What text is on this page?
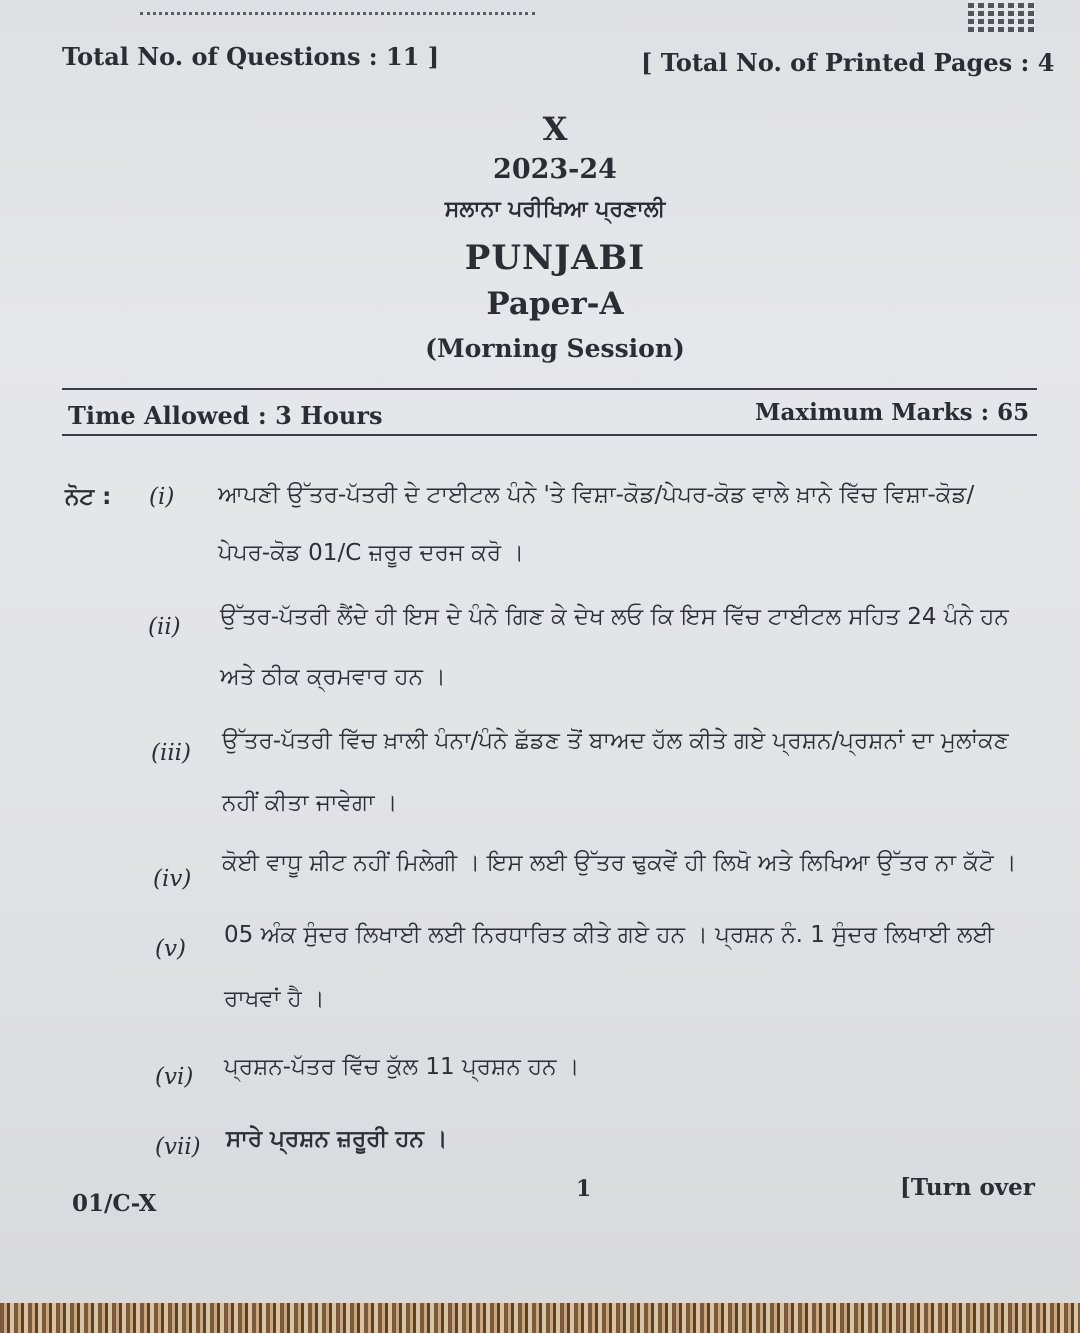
Total No. of Questions : 11 ]	[ Total No. of Printed Pages : 4
X
2023-24
ਸਲਾਨਾ ਪਰੀਖਿਆ ਪ੍ਰਣਾਲੀ
PUNJABI
Paper-A
(Morning Session)
Time Allowed : 3 Hours	Maximum Marks : 65
ਨੋਟ : (i) ਆਪਣੀ ਉੱਤਰ-ਪੱਤਰੀ ਦੇ ਟਾਈਟਲ ਪੰਨੇ 'ਤੇ ਵਿਸ਼ਾ-ਕੋਡ/ਪੇਪਰ-ਕੋਡ ਵਾਲੇ ਖ਼ਾਨੇ ਵਿੱਚ ਵਿਸ਼ਾ-ਕੋਡ/
ਪੇਪਰ-ਕੋਡ 01/C ਜ਼ਰੂਰ ਦਰਜ ਕਰੋ ।
(ii) ਉੱਤਰ-ਪੱਤਰੀ ਲੈਂਦੇ ਹੀ ਇਸ ਦੇ ਪੰਨੇ ਗਿਣ ਕੇ ਦੇਖ ਲਓ ਕਿ ਇਸ ਵਿੱਚ ਟਾਈਟਲ ਸਹਿਤ 24 ਪੰਨੇ ਹਨ
ਅਤੇ ਠੀਕ ਕ੍ਰਮਵਾਰ ਹਨ ।
(iii) ਉੱਤਰ-ਪੱਤਰੀ ਵਿੱਚ ਖ਼ਾਲੀ ਪੰਨਾ/ਪੰਨੇ ਛੱਡਣ ਤੋਂ ਬਾਅਦ ਹੱਲ ਕੀਤੇ ਗਏ ਪ੍ਰਸ਼ਨ/ਪ੍ਰਸ਼ਨਾਂ ਦਾ ਮੁਲਾਂਕਣ
ਨਹੀਂ ਕੀਤਾ ਜਾਵੇਗਾ ।
(iv)
ਕੋਈ ਵਾਧੂ ਸ਼ੀਟ ਨਹੀਂ ਮਿਲੇਗੀ । ਇਸ ਲਈ ਉੱਤਰ ਢੁਕਵੇਂ ਹੀ ਲਿਖੋ ਅਤੇ ਲਿਖਿਆ ਉੱਤਰ ਨਾ ਕੱਟੋ ।
(v)
05 ਅੰਕ ਸੁੰਦਰ ਲਿਖਾਈ ਲਈ ਨਿਰਧਾਰਿਤ ਕੀਤੇ ਗਏ ਹਨ । ਪ੍ਰਸ਼ਨ ਨੰ. 1 ਸੁੰਦਰ ਲਿਖਾਈ ਲਈ
ਰਾਖਵਾਂ ਹੈ ।
(vi) ਪ੍ਰਸ਼ਨ-ਪੱਤਰ ਵਿੱਚ ਕੁੱਲ 11 ਪ੍ਰਸ਼ਨ ਹਨ ।
(vii) ਸਾਰੇ ਪ੍ਰਸ਼ਨ ਜ਼ਰੂਰੀ ਹਨ ।
01/C-X
1	[Turn over
